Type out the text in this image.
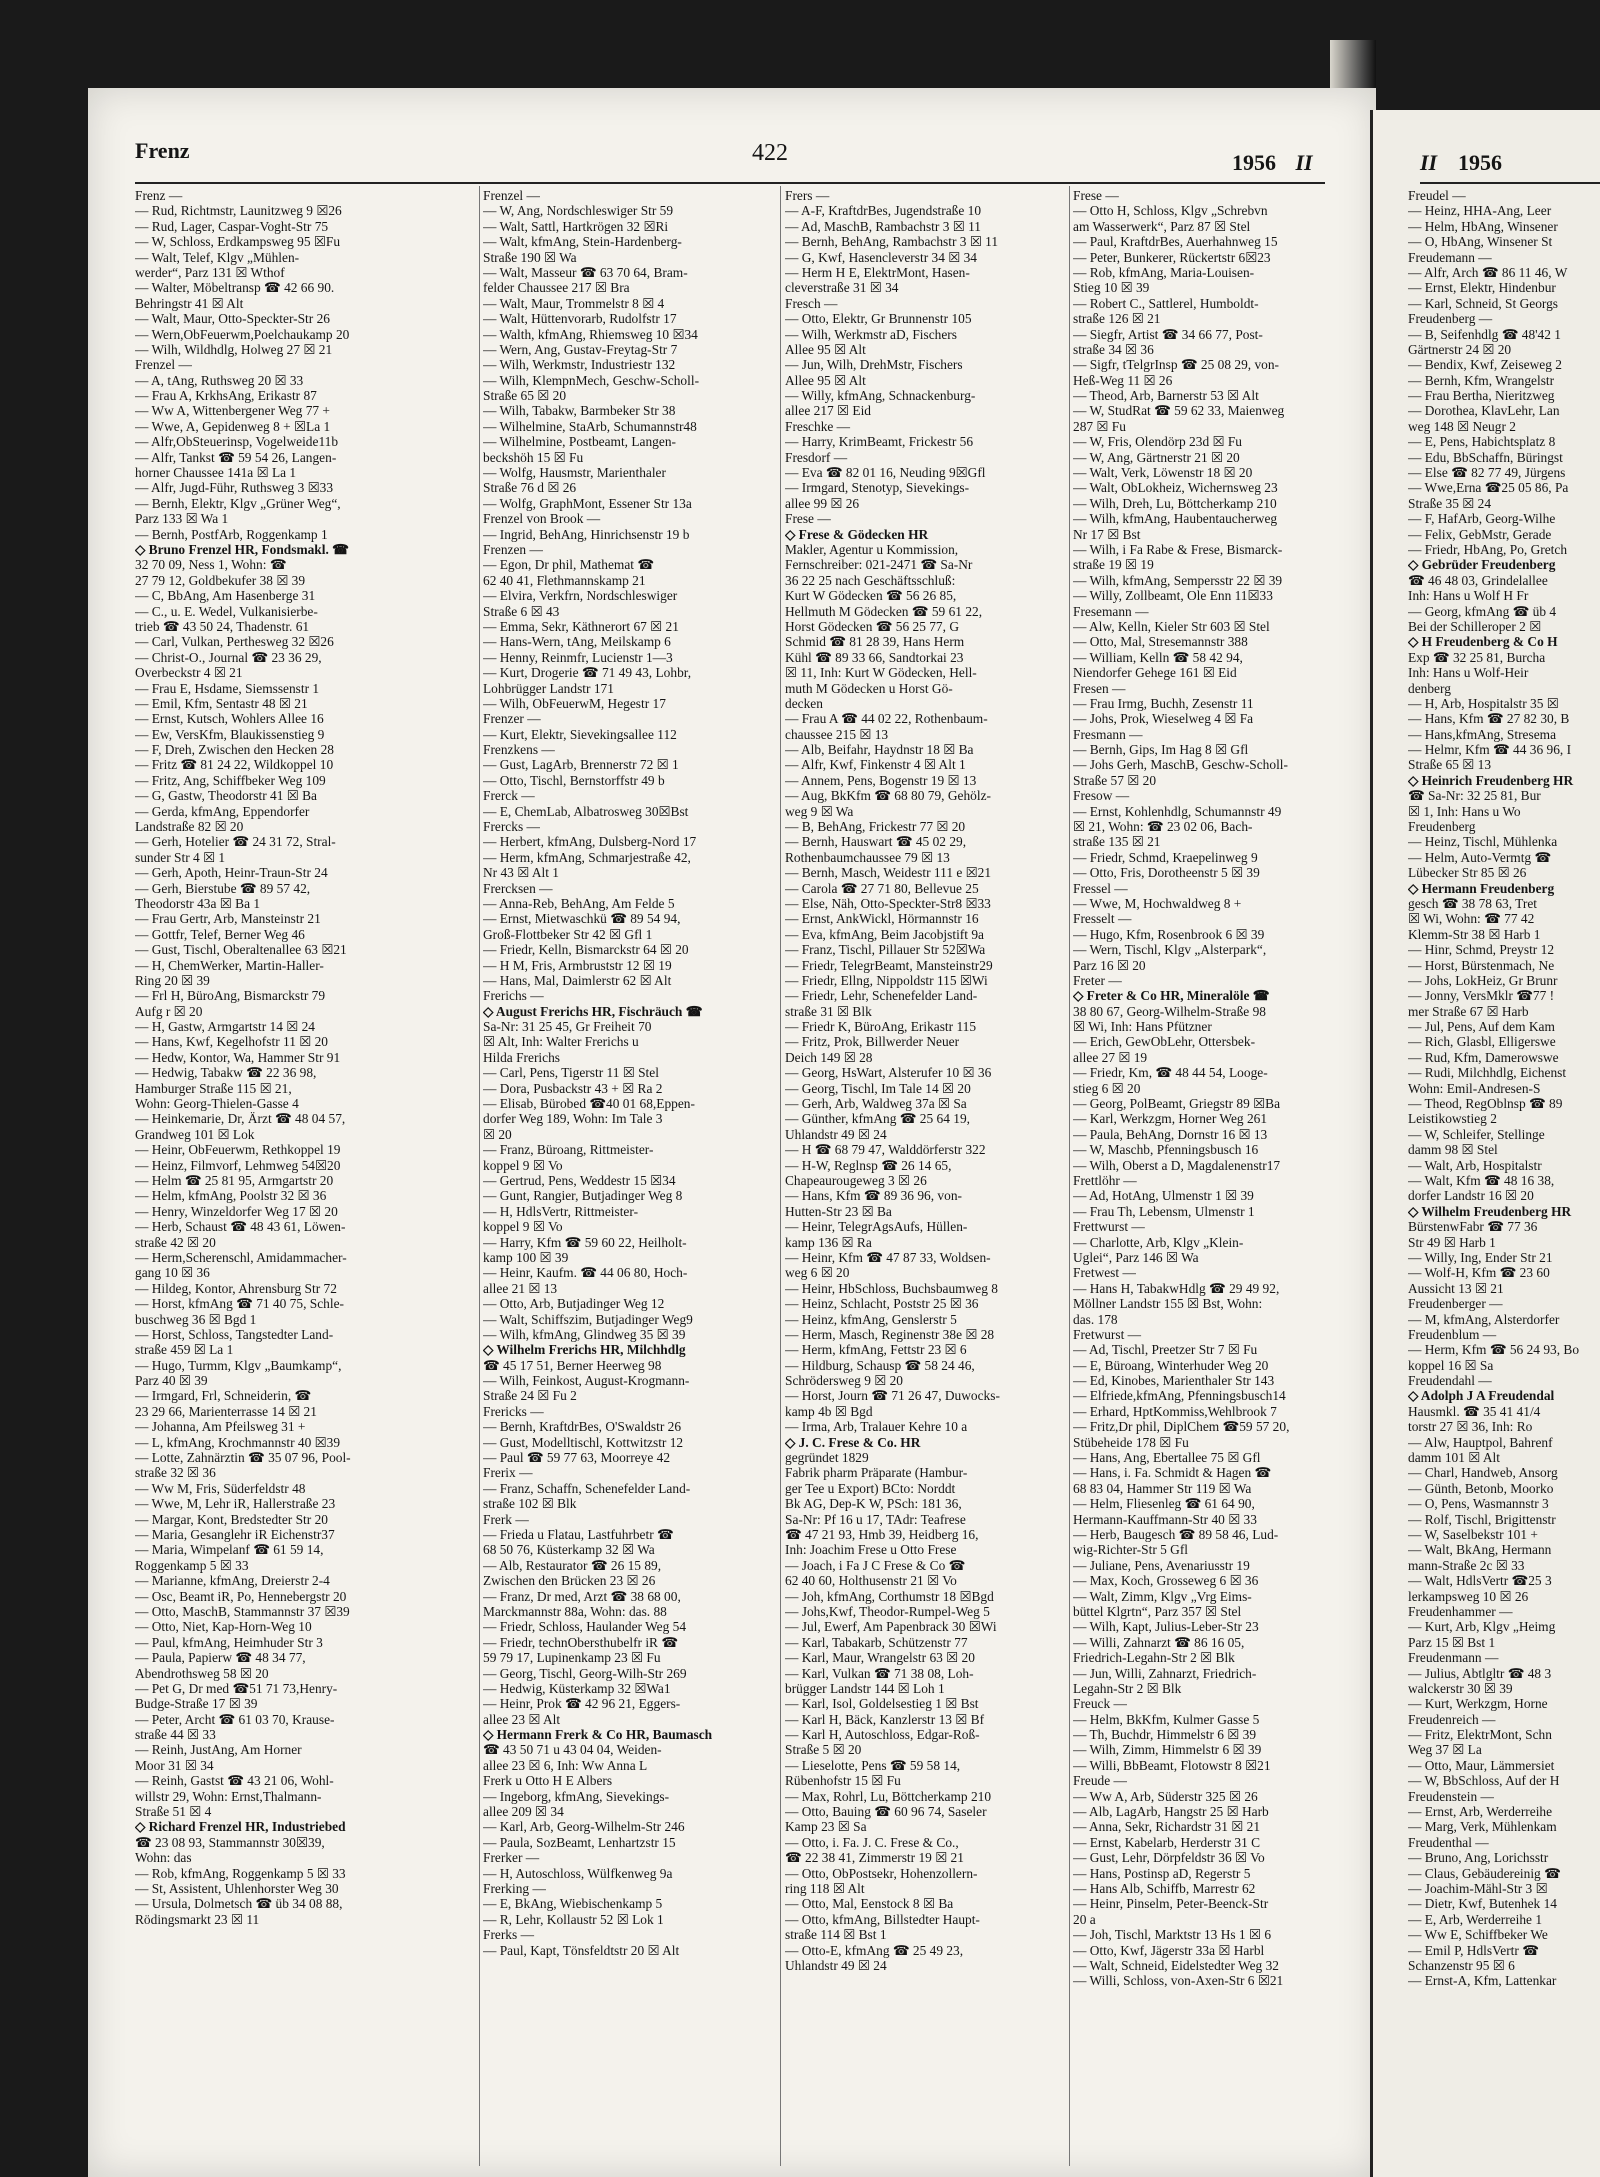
Frenz	422	1956 II	II 1956
Frenz —
— Rud, Richtmstr, Launitzweg 9 ☒26
— Rud, Lager, Caspar-Voght-Str 75
— W, Schloss, Erdkampsweg 95 ☒Fu
— Walt, Telef, Klgv „Mühlen-
werder“, Parz 131 ☒ Wthof
— Walter, Möbeltransp ☎ 42 66 90.
Behringstr 41 ☒ Alt
— Walt, Maur, Otto-Speckter-Str 26
— Wern,ObFeuerwm,Poelchaukamp 20
— Wilh, Wildhdlg, Holweg 27 ☒ 21
Frenzel —
— A, tAng, Ruthsweg 20 ☒ 33
— Frau A, KrkhsAng, Erikastr 87
— Ww A, Wittenbergener Weg 77 +
— Wwe, A, Gepidenweg 8 + ☒La 1
— Alfr,ObSteuerinsp, Vogelweide11b
— Alfr, Tankst ☎ 59 54 26, Langen-
horner Chaussee 141a ☒ La 1
— Alfr, Jugd-Führ, Ruthsweg 3 ☒33
— Bernh, Elektr, Klgv „Grüner Weg“,
Parz 133 ☒ Wa 1
— Bernh, PostfArb, Roggenkamp 1
◇ Bruno Frenzel HR, Fondsmakl. ☎
32 70 09, Ness 1, Wohn: ☎
27 79 12, Goldbekufer 38 ☒ 39
— C, BbAng, Am Hasenberge 31
— C., u. E. Wedel, Vulkanisierbe-
trieb ☎ 43 50 24, Thadenstr. 61
— Carl, Vulkan, Perthesweg 32 ☒26
— Christ-O., Journal ☎ 23 36 29,
Overbeckstr 4 ☒ 21
— Frau E, Hsdame, Siemssenstr 1
— Emil, Kfm, Sentastr 48 ☒ 21
— Ernst, Kutsch, Wohlers Allee 16
— Ew, VersKfm, Blaukissenstieg 9
— F, Dreh, Zwischen den Hecken 28
— Fritz ☎ 81 24 22, Wildkoppel 10
— Fritz, Ang, Schiffbeker Weg 109
— G, Gastw, Theodorstr 41 ☒ Ba
— Gerda, kfmAng, Eppendorfer
Landstraße 82 ☒ 20
— Gerh, Hotelier ☎ 24 31 72, Stral-
sunder Str 4 ☒ 1
— Gerh, Apoth, Heinr-Traun-Str 24
— Gerh, Bierstube ☎ 89 57 42,
Theodorstr 43a ☒ Ba 1
— Frau Gertr, Arb, Mansteinstr 21
— Gottfr, Telef, Berner Weg 46
— Gust, Tischl, Oberaltenallee 63 ☒21
— H, ChemWerker, Martin-Haller-
Ring 20 ☒ 39
— Frl H, BüroAng, Bismarckstr 79
Aufg r ☒ 20
— H, Gastw, Armgartstr 14 ☒ 24
— Hans, Kwf, Kegelhofstr 11 ☒ 20
— Hedw, Kontor, Wa, Hammer Str 91
— Hedwig, Tabakw ☎ 22 36 98,
Hamburger Straße 115 ☒ 21,
Wohn: Georg-Thielen-Gasse 4
— Heinkemarie, Dr, Ärzt ☎ 48 04 57,
Grandweg 101 ☒ Lok
— Heinr, ObFeuerwm, Rethkoppel 19
— Heinz, Filmvorf, Lehmweg 54☒20
— Helm ☎ 25 81 95, Armgartstr 20
— Helm, kfmAng, Poolstr 32 ☒ 36
— Henry, Winzeldorfer Weg 17 ☒ 20
— Herb, Schaust ☎ 48 43 61, Löwen-
straße 42 ☒ 20
— Herm,Scherenschl, Amidammacher-
gang 10 ☒ 36
— Hildeg, Kontor, Ahrensburg Str 72
— Horst, kfmAng ☎ 71 40 75, Schle-
buschweg 36 ☒ Bgd 1
— Horst, Schloss, Tangstedter Land-
straße 459 ☒ La 1
— Hugo, Turmm, Klgv „Baumkamp“,
Parz 40 ☒ 39
— Irmgard, Frl, Schneiderin, ☎
23 29 66, Marienterrasse 14 ☒ 21
— Johanna, Am Pfeilsweg 31 +
— L, kfmAng, Krochmannstr 40 ☒39
— Lotte, Zahnärztin ☎ 35 07 96, Pool-
straße 32 ☒ 36
— Ww M, Fris, Süderfeldstr 48
— Wwe, M, Lehr iR, Hallerstraße 23
— Margar, Kont, Bredstedter Str 20
— Maria, Gesanglehr iR Eichenstr37
— Maria, Wimpelanf ☎ 61 59 14,
Roggenkamp 5 ☒ 33
— Marianne, kfmAng, Dreierstr 2-4
— Osc, Beamt iR, Po, Hennebergstr 20
— Otto, MaschB, Stammannstr 37 ☒39
— Otto, Niet, Kap-Horn-Weg 10
— Paul, kfmAng, Heimhuder Str 3
— Paula, Papierw ☎ 48 34 77,
Abendrothsweg 58 ☒ 20
— Pet G, Dr med ☎51 71 73,Henry-
Budge-Straße 17 ☒ 39
— Peter, Archt ☎ 61 03 70, Krause-
straße 44 ☒ 33
— Reinh, JustAng, Am Horner
Moor 31 ☒ 34
— Reinh, Gastst ☎ 43 21 06, Wohl-
willstr 29, Wohn: Ernst,Thalmann-
Straße 51 ☒ 4
◇ Richard Frenzel HR, Industriebed
☎ 23 08 93, Stammannstr 30☒39,
Wohn: das
— Rob, kfmAng, Roggenkamp 5 ☒ 33
— St, Assistent, Uhlenhorster Weg 30
— Ursula, Dolmetsch ☎ üb 34 08 88,
Rödingsmarkt 23 ☒ 11
Frenzel —
— W, Ang, Nordschleswiger Str 59
— Walt, Sattl, Hartkrögen 32 ☒Ri
— Walt, kfmAng, Stein-Hardenberg-
Straße 190 ☒ Wa
— Walt, Masseur ☎ 63 70 64, Bram-
felder Chaussee 217 ☒ Bra
— Walt, Maur, Trommelstr 8 ☒ 4
— Walt, Hüttenvorarb, Rudolfstr 17
— Walth, kfmAng, Rhiemsweg 10 ☒34
— Wern, Ang, Gustav-Freytag-Str 7
— Wilh, Werkmstr, Industriestr 132
— Wilh, KlempnMech, Geschw-Scholl-
Straße 65 ☒ 20
— Wilh, Tabakw, Barmbeker Str 38
— Wilhelmine, StaArb, Schumannstr48
— Wilhelmine, Postbeamt, Langen-
beckshöh 15 ☒ Fu
— Wolfg, Hausmstr, Marienthaler
Straße 76 d ☒ 26
— Wolfg, GraphMont, Essener Str 13a
Frenzel von Brook —
— Ingrid, BehAng, Hinrichsenstr 19 b
Frenzen —
— Egon, Dr phil, Mathemat ☎
62 40 41, Flethmannskamp 21
— Elvira, Verkfrn, Nordschleswiger
Straße 6 ☒ 43
— Emma, Sekr, Käthnerort 67 ☒ 21
— Hans-Wern, tAng, Meilskamp 6
— Henny, Reinmfr, Lucienstr 1—3
— Kurt, Drogerie ☎ 71 49 43, Lohbr,
Lohbrügger Landstr 171
— Wilh, ObFeuerwM, Hegestr 17
Frenzer —
— Kurt, Elektr, Sievekingsallee 112
Frenzkens —
— Gust, LagArb, Brennerstr 72 ☒ 1
— Otto, Tischl, Bernstorffstr 49 b
Frerck —
— E, ChemLab, Albatrosweg 30☒Bst
Frercks —
— Herbert, kfmAng, Dulsberg-Nord 17
— Herm, kfmAng, Schmarjestraße 42,
Nr 43 ☒ Alt 1
Frercksen —
— Anna-Reb, BehAng, Am Felde 5
— Ernst, Mietwaschkü ☎ 89 54 94,
Groß-Flottbeker Str 42 ☒ Gfl 1
— Friedr, Kelln, Bismarckstr 64 ☒ 20
— H M, Fris, Armbruststr 12 ☒ 19
— Hans, Mal, Daimlerstr 62 ☒ Alt
Frerichs —
◇ August Frerichs HR, Fischräuch ☎
Sa-Nr: 31 25 45, Gr Freiheit 70
☒ Alt, Inh: Walter Frerichs u
Hilda Frerichs
— Carl, Pens, Tigerstr 11 ☒ Stel
— Dora, Pusbackstr 43 + ☒ Ra 2
— Elisab, Bürobed ☎40 01 68,Eppen-
dorfer Weg 189, Wohn: Im Tale 3
☒ 20
— Franz, Büroang, Rittmeister-
koppel 9 ☒ Vo
— Gertrud, Pens, Weddestr 15 ☒34
— Gunt, Rangier, Butjadinger Weg 8
— H, HdlsVertr, Rittmeister-
koppel 9 ☒ Vo
— Harry, Kfm ☎ 59 60 22, Heilholt-
kamp 100 ☒ 39
— Heinr, Kaufm. ☎ 44 06 80, Hoch-
allee 21 ☒ 13
— Otto, Arb, Butjadinger Weg 12
— Walt, Schiffszim, Butjadinger Weg9
— Wilh, kfmAng, Glindweg 35 ☒ 39
◇ Wilhelm Frerichs HR, Milchhdlg
☎ 45 17 51, Berner Heerweg 98
— Wilh, Feinkost, August-Krogmann-
Straße 24 ☒ Fu 2
Frericks —
— Bernh, KraftdrBes, O'Swaldstr 26
— Gust, Modelltischl, Kottwitzstr 12
— Paul ☎ 59 77 63, Moorreye 42
Frerix —
— Franz, Schaffn, Schenefelder Land-
straße 102 ☒ Blk
Frerk —
— Frieda u Flatau, Lastfuhrbetr ☎
68 50 76, Küsterkamp 32 ☒ Wa
— Alb, Restaurator ☎ 26 15 89,
Zwischen den Brücken 23 ☒ 26
— Franz, Dr med, Arzt ☎ 38 68 00,
Marckmannstr 88a, Wohn: das. 88
— Friedr, Schloss, Haulander Weg 54
— Friedr, technObersthubelfr iR ☎
59 79 17, Lupinenkamp 23 ☒ Fu
— Georg, Tischl, Georg-Wilh-Str 269
— Hedwig, Küsterkamp 32 ☒Wa1
— Heinr, Prok ☎ 42 96 21, Eggers-
allee 23 ☒ Alt
◇ Hermann Frerk & Co HR, Baumasch
☎ 43 50 71 u 43 04 04, Weiden-
allee 23 ☒ 6, Inh: Ww Anna L
Frerk u Otto H E Albers
— Ingeborg, kfmAng, Sievekings-
allee 209 ☒ 34
— Karl, Arb, Georg-Wilhelm-Str 246
— Paula, SozBeamt, Lenhartzstr 15
Frerker —
— H, Autoschloss, Wülfkenweg 9a
Frerking —
— E, BkAng, Wiebischenkamp 5
— R, Lehr, Kollaustr 52 ☒ Lok 1
Frerks —
— Paul, Kapt, Tönsfeldtstr 20 ☒ Alt
Frers —
— A-F, KraftdrBes, Jugendstraße 10
— Ad, MaschB, Rambachstr 3 ☒ 11
— Bernh, BehAng, Rambachstr 3 ☒ 11
— G, Kwf, Hasencleverstr 34 ☒ 34
— Herm H E, ElektrMont, Hasen-
cleverstraße 31 ☒ 34
Fresch —
— Otto, Elektr, Gr Brunnenstr 105
— Wilh, Werkmstr aD, Fischers
Allee 95 ☒ Alt
— Jun, Wilh, DrehMstr, Fischers
Allee 95 ☒ Alt
— Willy, kfmAng, Schnackenburg-
allee 217 ☒ Eid
Freschke —
— Harry, KrimBeamt, Frickestr 56
Fresdorf —
— Eva ☎ 82 01 16, Neuding 9☒Gfl
— Irmgard, Stenotyp, Sievekings-
allee 99 ☒ 26
Frese —
◇ Frese & Gödecken HR
Makler, Agentur u Kommission,
Fernschreiber: 021-2471 ☎ Sa-Nr
36 22 25 nach Geschäftsschluß:
Kurt W Gödecken ☎ 56 26 85,
Hellmuth M Gödecken ☎ 59 61 22,
Horst Gödecken ☎ 56 25 77, G
Schmid ☎ 81 28 39, Hans Herm
Kühl ☎ 89 33 66, Sandtorkai 23
☒ 11, Inh: Kurt W Gödecken, Hell-
muth M Gödecken u Horst Gö-
decken
— Frau A ☎ 44 02 22, Rothenbaum-
chaussee 215 ☒ 13
— Alb, Beifahr, Haydnstr 18 ☒ Ba
— Alfr, Kwf, Finkenstr 4 ☒ Alt 1
— Annem, Pens, Bogenstr 19 ☒ 13
— Aug, BkKfm ☎ 68 80 79, Gehölz-
weg 9 ☒ Wa
— B, BehAng, Frickestr 77 ☒ 20
— Bernh, Hauswart ☎ 45 02 29,
Rothenbaumchaussee 79 ☒ 13
— Bernh, Masch, Weidestr 111 e ☒21
— Carola ☎ 27 71 80, Bellevue 25
— Else, Näh, Otto-Speckter-Str8 ☒33
— Ernst, AnkWickl, Hörmannstr 16
— Eva, kfmAng, Beim Jacobjstift 9a
— Franz, Tischl, Pillauer Str 52☒Wa
— Friedr, TelegrBeamt, Mansteinstr29
— Friedr, Ellng, Nippoldstr 115 ☒Wi
— Friedr, Lehr, Schenefelder Land-
straße 31 ☒ Blk
— Friedr K, BüroAng, Erikastr 115
— Fritz, Prok, Billwerder Neuer
Deich 149 ☒ 28
— Georg, HsWart, Alsterufer 10 ☒ 36
— Georg, Tischl, Im Tale 14 ☒ 20
— Gerh, Arb, Waldweg 37a ☒ Sa
— Günther, kfmAng ☎ 25 64 19,
Uhlandstr 49 ☒ 24
— H ☎ 68 79 47, Walddörferstr 322
— H-W, Reglnsp ☎ 26 14 65,
Chapeaurougeweg 3 ☒ 26
— Hans, Kfm ☎ 89 36 96, von-
Hutten-Str 23 ☒ Ba
— Heinr, TelegrAgsAufs, Hüllen-
kamp 136 ☒ Ra
— Heinr, Kfm ☎ 47 87 33, Woldsen-
weg 6 ☒ 20
— Heinr, HbSchloss, Buchsbaumweg 8
— Heinz, Schlacht, Poststr 25 ☒ 36
— Heinz, kfmAng, Genslerstr 5
— Herm, Masch, Reginenstr 38e ☒ 28
— Herm, kfmAng, Fettstr 23 ☒ 6
— Hildburg, Schausp ☎ 58 24 46,
Schrödersweg 9 ☒ 20
— Horst, Journ ☎ 71 26 47, Duwocks-
kamp 4b ☒ Bgd
— Irma, Arb, Tralauer Kehre 10 a
◇ J. C. Frese & Co. HR
gegründet 1829
Fabrik pharm Präparate (Hambur-
ger Tee u Export) BCto: Norddt
Bk AG, Dep-K W, PSch: 181 36,
Sa-Nr: Pf 16 u 17, TAdr: Teafrese
☎ 47 21 93, Hmb 39, Heidberg 16,
Inh: Joachim Frese u Otto Frese
— Joach, i Fa J C Frese & Co ☎
62 40 60, Holthusenstr 21 ☒ Vo
— Joh, kfmAng, Corthumstr 18 ☒Bgd
— Johs,Kwf, Theodor-Rumpel-Weg 5
— Jul, Ewerf, Am Papenbrack 30 ☒Wi
— Karl, Tabakarb, Schützenstr 77
— Karl, Maur, Wrangelstr 63 ☒ 20
— Karl, Vulkan ☎ 71 38 08, Loh-
brügger Landstr 144 ☒ Loh 1
— Karl, Isol, Goldelsestieg 1 ☒ Bst
— Karl H, Bäck, Kanzlerstr 13 ☒ Bf
— Karl H, Autoschloss, Edgar-Roß-
Straße 5 ☒ 20
— Lieselotte, Pens ☎ 59 58 14,
Rübenhofstr 15 ☒ Fu
— Max, Rohrl, Lu, Böttcherkamp 210
— Otto, Bauing ☎ 60 96 74, Saseler
Kamp 23 ☒ Sa
— Otto, i. Fa. J. C. Frese & Co.,
☎ 22 38 41, Zimmerstr 19 ☒ 21
— Otto, ObPostsekr, Hohenzollern-
ring 118 ☒ Alt
— Otto, Mal, Eenstock 8 ☒ Ba
— Otto, kfmAng, Billstedter Haupt-
straße 114 ☒ Bst 1
— Otto-E, kfmAng ☎ 25 49 23,
Uhlandstr 49 ☒ 24
Frese —
— Otto H, Schloss, Klgv „Schrebvn
am Wasserwerk“, Parz 87 ☒ Stel
— Paul, KraftdrBes, Auerhahnweg 15
— Peter, Bunkerer, Rückertstr 6☒23
— Rob, kfmAng, Maria-Louisen-
Stieg 10 ☒ 39
— Robert C., Sattlerel, Humboldt-
straße 126 ☒ 21
— Siegfr, Artist ☎ 34 66 77, Post-
straße 34 ☒ 36
— Sigfr, tTelgrInsp ☎ 25 08 29, von-
Heß-Weg 11 ☒ 26
— Theod, Arb, Barnerstr 53 ☒ Alt
— W, StudRat ☎ 59 62 33, Maienweg
287 ☒ Fu
— W, Fris, Olendörp 23d ☒ Fu
— W, Ang, Gärtnerstr 21 ☒ 20
— Walt, Verk, Löwenstr 18 ☒ 20
— Walt, ObLokheiz, Wichernsweg 23
— Wilh, Dreh, Lu, Böttcherkamp 210
— Wilh, kfmAng, Haubentaucherweg
Nr 17 ☒ Bst
— Wilh, i Fa Rabe & Frese, Bismarck-
straße 19 ☒ 19
— Wilh, kfmAng, Sempersstr 22 ☒ 39
— Willy, Zollbeamt, Ole Enn 11☒33
Fresemann —
— Alw, Kelln, Kieler Str 603 ☒ Stel
— Otto, Mal, Stresemannstr 388
— William, Kelln ☎ 58 42 94,
Niendorfer Gehege 161 ☒ Eid
Fresen —
— Frau Irmg, Buchh, Zesenstr 11
— Johs, Prok, Wieselweg 4 ☒ Fa
Fresmann —
— Bernh, Gips, Im Hag 8 ☒ Gfl
— Johs Gerh, MaschB, Geschw-Scholl-
Straße 57 ☒ 20
Fresow —
— Ernst, Kohlenhdlg, Schumannstr 49
☒ 21, Wohn: ☎ 23 02 06, Bach-
straße 135 ☒ 21
— Friedr, Schmd, Kraepelinweg 9
— Otto, Fris, Dorotheenstr 5 ☒ 39
Fressel —
— Wwe, M, Hochwaldweg 8 +
Fresselt —
— Hugo, Kfm, Rosenbrook 6 ☒ 39
— Wern, Tischl, Klgv „Alsterpark“,
Parz 16 ☒ 20
Freter —
◇ Freter & Co HR, Mineralöle ☎
38 80 67, Georg-Wilhelm-Straße 98
☒ Wi, Inh: Hans Pfützner
— Erich, GewObLehr, Ottersbek-
allee 27 ☒ 19
— Friedr, Km, ☎ 48 44 54, Looge-
stieg 6 ☒ 20
— Georg, PolBeamt, Griegstr 89 ☒Ba
— Karl, Werkzgm, Horner Weg 261
— Paula, BehAng, Dornstr 16 ☒ 13
— W, Maschb, Pfenningsbusch 16
— Wilh, Oberst a D, Magdalenenstr17
Frettlöhr —
— Ad, HotAng, Ulmenstr 1 ☒ 39
— Frau Th, Lebensm, Ulmenstr 1
Frettwurst —
— Charlotte, Arb, Klgv „Klein-
Uglei“, Parz 146 ☒ Wa
Fretwest —
— Hans H, TabakwHdlg ☎ 29 49 92,
Möllner Landstr 155 ☒ Bst, Wohn:
das. 178
Fretwurst —
— Ad, Tischl, Preetzer Str 7 ☒ Fu
— E, Büroang, Winterhuder Weg 20
— Ed, Kinobes, Marienthaler Str 143
— Elfriede,kfmAng, Pfenningsbusch14
— Erhard, HptKommiss,Wehlbrook 7
— Fritz,Dr phil, DiplChem ☎59 57 20,
Stübeheide 178 ☒ Fu
— Hans, Ang, Ebertallee 75 ☒ Gfl
— Hans, i. Fa. Schmidt & Hagen ☎
68 83 04, Hammer Str 119 ☒ Wa
— Helm, Fliesenleg ☎ 61 64 90,
Hermann-Kauffmann-Str 40 ☒ 33
— Herb, Baugesch ☎ 89 58 46, Lud-
wig-Richter-Str 5 Gfl
— Juliane, Pens, Avenariusstr 19
— Max, Koch, Grosseweg 6 ☒ 36
— Walt, Zimm, Klgv „Vrg Eims-
büttel Klgrtn“, Parz 357 ☒ Stel
— Wilh, Kapt, Julius-Leber-Str 23
— Willi, Zahnarzt ☎ 86 16 05,
Friedrich-Legahn-Str 2 ☒ Blk
— Jun, Willi, Zahnarzt, Friedrich-
Legahn-Str 2 ☒ Blk
Freuck —
— Helm, BkKfm, Kulmer Gasse 5
— Th, Buchdr, Himmelstr 6 ☒ 39
— Wilh, Zimm, Himmelstr 6 ☒ 39
— Willi, BbBeamt, Flotowstr 8 ☒21
Freude —
— Ww A, Arb, Süderstr 325 ☒ 26
— Alb, LagArb, Hangstr 25 ☒ Harb
— Anna, Sekr, Richardstr 31 ☒ 21
— Ernst, Kabelarb, Herderstr 31 C
— Gust, Lehr, Dörpfeldstr 36 ☒ Vo
— Hans, Postinsp aD, Regerstr 5
— Hans Alb, Schiffb, Marrestr 62
— Heinr, Pinselm, Peter-Beenck-Str
20 a
— Joh, Tischl, Marktstr 13 Hs 1 ☒ 6
— Otto, Kwf, Jägerstr 33a ☒ Harbl
— Walt, Schneid, Eidelstedter Weg 32
— Willi, Schloss, von-Axen-Str 6 ☒21
Freudel —
— Heinz, HHA-Ang, Leer
— Helm, HbAng, Winsener
— O, HbAng, Winsener St
Freudemann —
— Alfr, Arch ☎ 86 11 46, W
— Ernst, Elektr, Hindenbur
— Karl, Schneid, St Georgs
Freudenberg —
— B, Seifenhdlg ☎ 48'42 1
Gärtnerstr 24 ☒ 20
— Bendix, Kwf, Zeiseweg 2
— Bernh, Kfm, Wrangelstr
— Frau Bertha, Nieritzweg
— Dorothea, KlavLehr, Lan
weg 148 ☒ Neugr 2
— E, Pens, Habichtsplatz 8
— Edu, BbSchaffn, Büringst
— Else ☎ 82 77 49, Jürgens
— Wwe,Erna ☎25 05 86, Pa
Straße 35 ☒ 24
— F, HafArb, Georg-Wilhe
— Felix, GebMstr, Gerade
— Friedr, HbAng, Po, Gretch
◇ Gebrüder Freudenberg
☎ 46 48 03, Grindelallee
Inh: Hans u Wolf H Fr
— Georg, kfmAng ☎ üb 4
Bei der Schilleroper 2 ☒
◇ H Freudenberg & Co H
Exp ☎ 32 25 81, Burcha
Inh: Hans u Wolf-Heir
denberg
— H, Arb, Hospitalstr 35 ☒
— Hans, Kfm ☎ 27 82 30, B
— Hans,kfmAng, Stresema
— Helmr, Kfm ☎ 44 36 96, I
Straße 65 ☒ 13
◇ Heinrich Freudenberg HR
☎ Sa-Nr: 32 25 81, Bur
☒ 1, Inh: Hans u Wo
Freudenberg
— Heinz, Tischl, Mühlenka
— Helm, Auto-Vermtg ☎
Lübecker Str 85 ☒ 26
◇ Hermann Freudenberg
gesch ☎ 38 78 63, Tret
☒ Wi, Wohn: ☎ 77 42
Klemm-Str 38 ☒ Harb 1
— Hinr, Schmd, Preystr 12
— Horst, Bürstenmach, Ne
— Johs, LokHeiz, Gr Brunr
— Jonny, VersMklr ☎77 !
mer Straße 67 ☒ Harb
— Jul, Pens, Auf dem Kam
— Rich, Glasbl, Elligerswe
— Rud, Kfm, Damerowswe
— Rudi, Milchhdlg, Eichenst
Wohn: Emil-Andresen-S
— Theod, RegOblnsp ☎ 89
Leistikowstieg 2
— W, Schleifer, Stellinge
damm 98 ☒ Stel
— Walt, Arb, Hospitalstr
— Walt, Kfm ☎ 48 16 38,
dorfer Landstr 16 ☒ 20
◇ Wilhelm Freudenberg HR
BürstenwFabr ☎ 77 36
Str 49 ☒ Harb 1
— Willy, Ing, Ender Str 21
— Wolf-H, Kfm ☎ 23 60
Aussicht 13 ☒ 21
Freudenberger —
— M, kfmAng, Alsterdorfer
Freudenblum —
— Herm, Kfm ☎ 56 24 93, Bo
koppel 16 ☒ Sa
Freudendahl —
◇ Adolph J A Freudendal
Hausmkl. ☎ 35 41 41/4
torstr 27 ☒ 36, Inh: Ro
— Alw, Hauptpol, Bahrenf
damm 101 ☒ Alt
— Charl, Handweb, Ansorg
— Günth, Betonb, Moorko
— O, Pens, Wasmannstr 3
— Rolf, Tischl, Brigittenstr
— W, Saselbekstr 101 +
— Walt, BkAng, Hermann
mann-Straße 2c ☒ 33
— Walt, HdlsVertr ☎25 3
lerkampsweg 10 ☒ 26
Freudenhammer —
— Kurt, Arb, Klgv „Heimg
Parz 15 ☒ Bst 1
Freudenmann —
— Julius, Abtlgltr ☎ 48 3
walckerstr 30 ☒ 39
— Kurt, Werkzgm, Horne
Freudenreich —
— Fritz, ElektrMont, Schn
Weg 37 ☒ La
— Otto, Maur, Lämmersiet
— W, BbSchloss, Auf der H
Freudenstein —
— Ernst, Arb, Werderreihe
— Marg, Verk, Mühlenkam
Freudenthal —
— Bruno, Ang, Lorichsstr
— Claus, Gebäudereinig ☎
— Joachim-Mähl-Str 3 ☒
— Dietr, Kwf, Butenhek 14
— E, Arb, Werderreihe 1
— Ww E, Schiffbeker We
— Emil P, HdlsVertr ☎
Schanzenstr 95 ☒ 6
— Ernst-A, Kfm, Lattenkar
